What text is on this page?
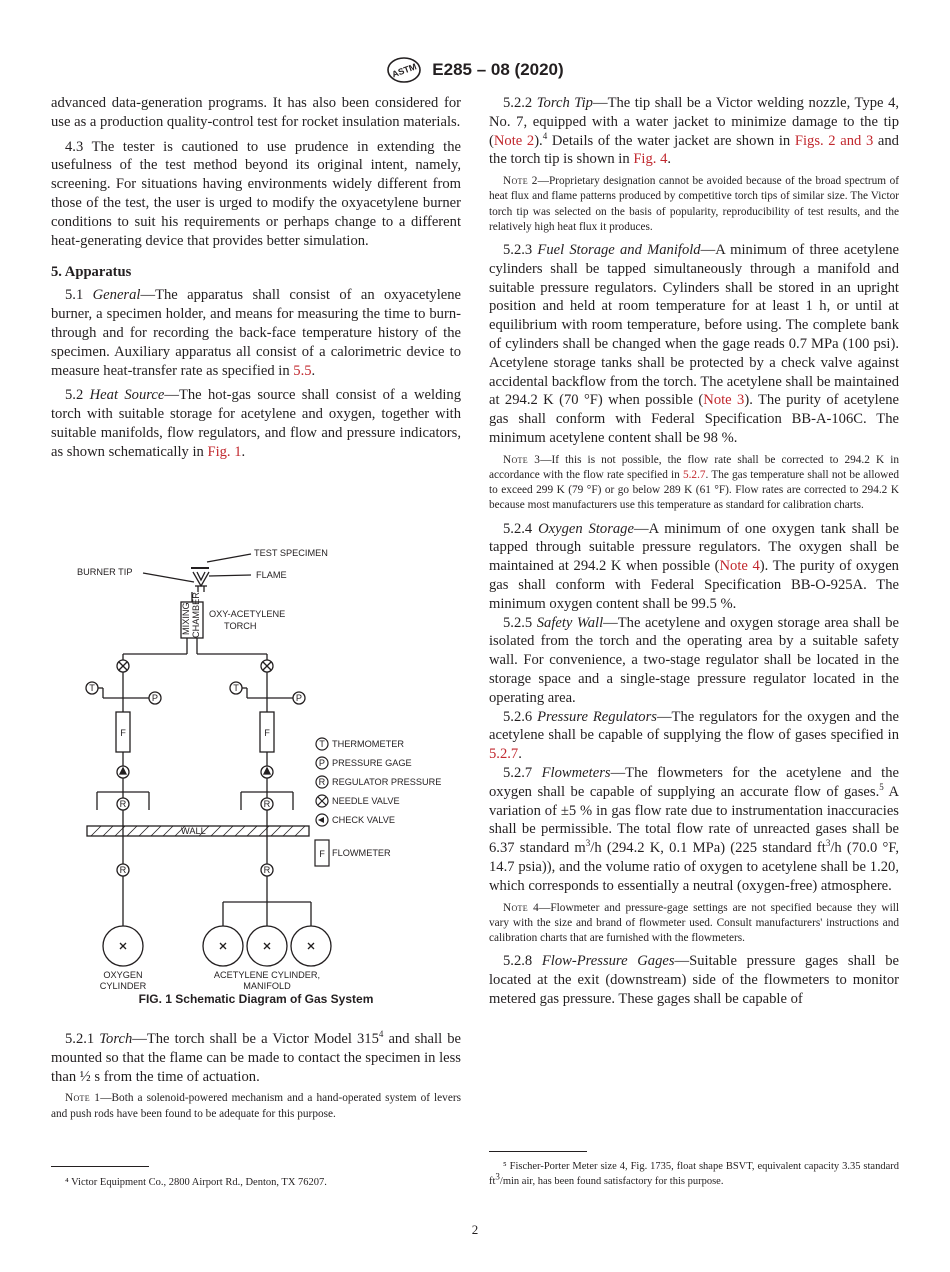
ASTM E285 – 08 (2020)

advanced data-generation programs. It has also been considered for use as a production quality-control test for rocket insulation materials.

4.3 The tester is cautioned to use prudence in extending the usefulness of the test method beyond its original intent, namely, screening. For situations having environments widely different from those of the test, the user is urged to modify the oxyacetylene burner conditions to suit his requirements or perhaps change to a different heat-generating device that provides better simulation.

5. Apparatus

5.1 General—The apparatus shall consist of an oxyacetylene burner, a specimen holder, and means for measuring the time to burn-through and for recording the back-face temperature history of the specimen. Auxiliary apparatus all consist of a calorimetric device to measure heat-transfer rate as specified in 5.5.

5.2 Heat Source—The hot-gas source shall consist of a welding torch with suitable storage for acetylene and oxygen, together with suitable manifolds, flow regulators, and flow and pressure indicators, as shown schematically in Fig. 1.

T
P
T
P
F	F
R	R
R	R
TEST SPECIMEN
BURNER TIP	FLAME
OXY-ACETYLENE
TORCH
MIXING CHAMBER
WALL
OXYGEN
CYLINDER
ACETYLENE CYLINDER,
MANIFOLD
T
P
R
F
THERMOMETER
PRESSURE GAGE
REGULATOR PRESSURE
NEEDLE VALVE
CHECK VALVE
FLOWMETER
FIG. 1 Schematic Diagram of Gas System

5.2.1 Torch—The torch shall be a Victor Model $315^4$ and shall be mounted so that the flame can be made to contact the specimen in less than ½ s from the time of actuation.

Note 1—Both a solenoid-powered mechanism and a hand-operated system of levers and push rods have been found to be adequate for this purpose.

5.2.2 Torch Tip—The tip shall be a Victor welding nozzle, Type 4, No. 7, equipped with a water jacket to minimize damage to the tip (Note 2).$^4$ Details of the water jacket are shown in Figs. 2 and 3 and the torch tip is shown in Fig. 4.

Note 2—Proprietary designation cannot be avoided because of the broad spectrum of heat flux and flame patterns produced by competitive torch tips of similar size. The Victor torch tip was selected on the basis of popularity, reproducibility of test results, and the relatively high heat flux it produces.

5.2.3 Fuel Storage and Manifold—A minimum of three acetylene cylinders shall be tapped simultaneously through a manifold and suitable pressure regulators. Cylinders shall be stored in an upright position and held at room temperature for at least 1 h, or until at equilibrium with room temperature, before using. The complete bank of cylinders shall be changed when the gage reads 0.7 MPa (100 psi). Acetylene storage tanks shall be protected by a check valve against accidental backflow from the torch. The acetylene shall be maintained at 294.2 K (70 °F) when possible (Note 3). The purity of acetylene gas shall conform with Federal Specification BB-A-106C. The minimum acetylene content shall be 98 %.

Note 3—If this is not possible, the flow rate shall be corrected to 294.2 K in accordance with the flow rate specified in 5.2.7. The gas temperature shall not be allowed to exceed 299 K (79 °F) or go below 289 K (61 °F). Flow rates are corrected to 294.2 K because most manufacturers use this temperature as standard for calibration charts.

5.2.4 Oxygen Storage—A minimum of one oxygen tank shall be tapped through suitable pressure regulators. The oxygen shall be maintained at 294.2 K when possible (Note 4). The purity of oxygen gas shall conform with Federal Specification BB-O-925A. The minimum oxygen content shall be 99.5 %.

5.2.5 Safety Wall—The acetylene and oxygen storage area shall be isolated from the torch and the operating area by a suitable safety wall. For convenience, a two-stage regulator shall be located in the storage space and a single-stage pressure regulator located in the operating area.

5.2.6 Pressure Regulators—The regulators for the oxygen and the acetylene shall be capable of supplying the flow of gases specified in 5.2.7.

5.2.7 Flowmeters—The flowmeters for the acetylene and the oxygen shall be capable of supplying an accurate flow of gases.$^5$ A variation of ±5 % in gas flow rate due to instrumentation inaccuracies shall be permissible. The total flow rate of unreacted gases shall be 6.37 standard $m^3/h$ (294.2 K, 0.1 MPa) (225 standard $ft^3/h$ (70.0 °F, 14.7 psia)), and the volume ratio of oxygen to acetylene shall be 1.20, which corresponds to essentially a neutral (oxygen-free) atmosphere.

Note 4—Flowmeter and pressure-gage settings are not specified because they will vary with the size and brand of flowmeter used. Consult manufacturers' instructions and calibration charts that are furnished with the flowmeters.

5.2.8 Flow-Pressure Gages—Suitable pressure gages shall be located at the exit (downstream) side of the flowmeters to monitor metered gas pressure. These gages shall be capable of

⁴ Victor Equipment Co., 2800 Airport Rd., Denton, TX 76207.
⁵ Fischer-Porter Meter size 4, Fig. 1735, float shape BSVT, equivalent capacity 3.35 standard $ft^3/\min$ air, has been found satisfactory for this purpose.
2
